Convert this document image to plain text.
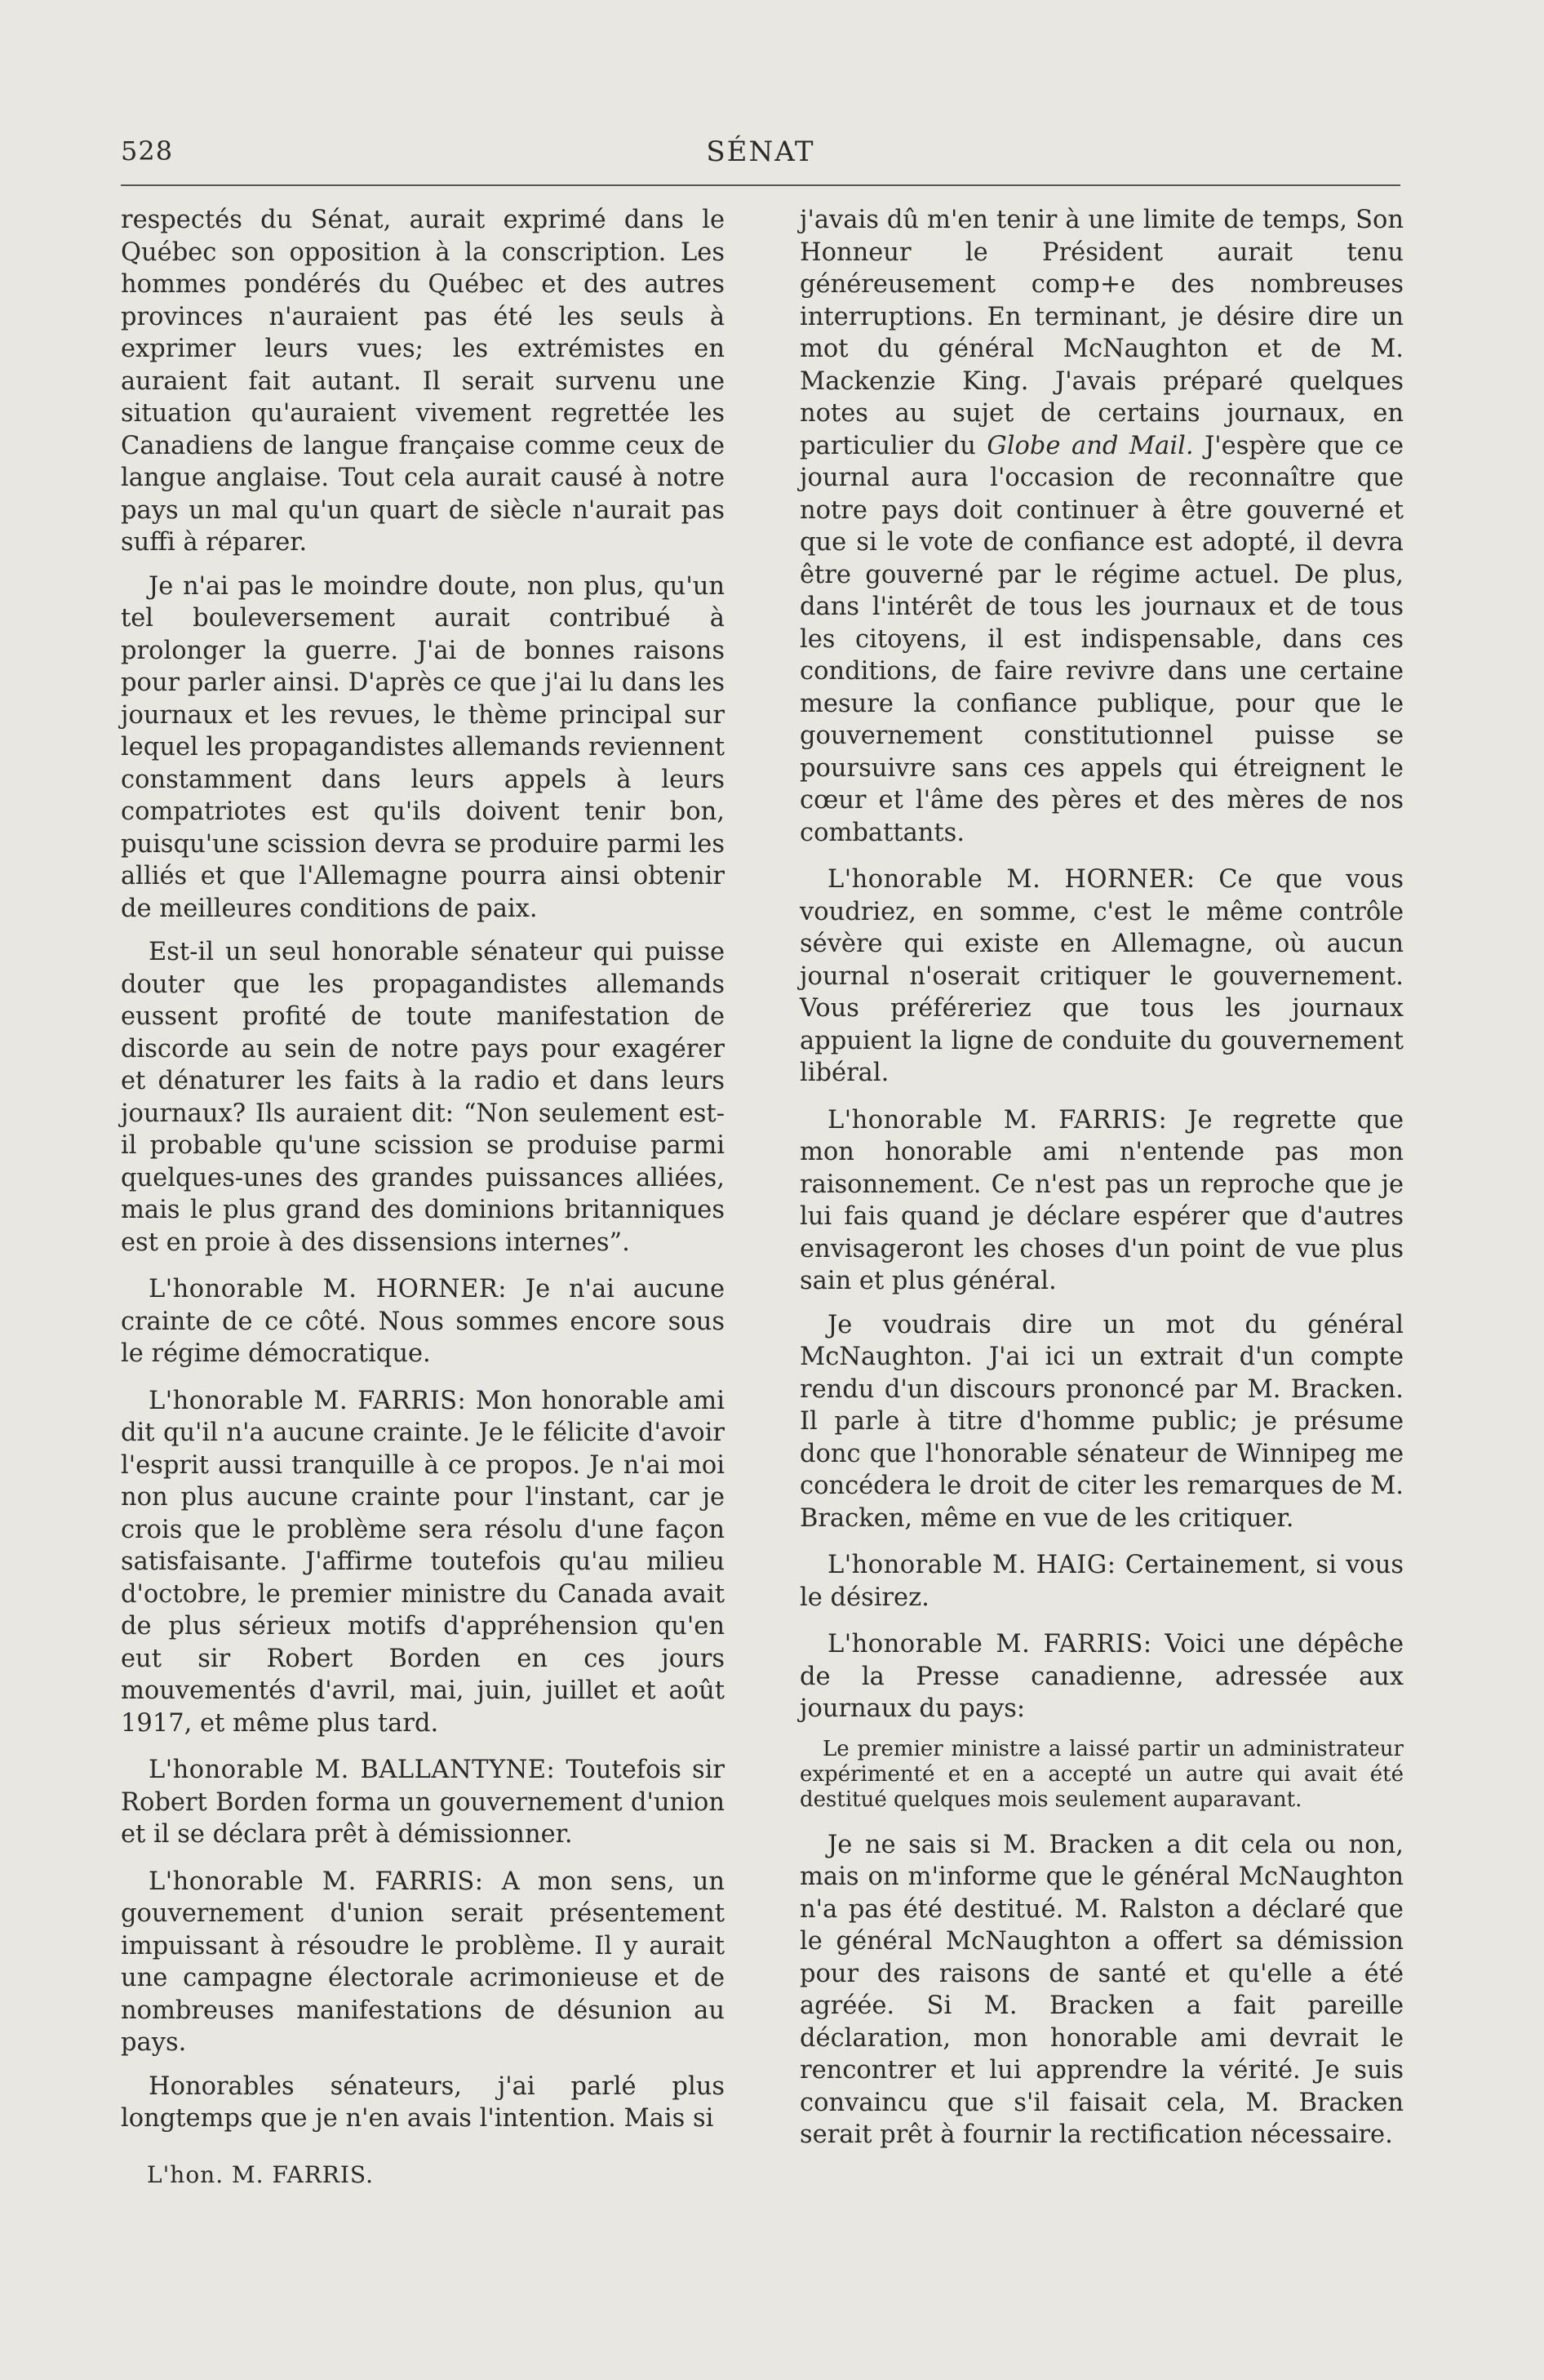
528	SÉNAT

respectés du Sénat, aurait exprimé dans le Québec son opposition à la conscription. Les hommes pondérés du Québec et des autres provinces n'auraient pas été les seuls à exprimer leurs vues; les extrémistes en auraient fait autant. Il serait survenu une situation qu'auraient vivement regrettée les Canadiens de langue française comme ceux de langue anglaise. Tout cela aurait causé à notre pays un mal qu'un quart de siècle n'aurait pas suffi à réparer.

Je n'ai pas le moindre doute, non plus, qu'un tel bouleversement aurait contribué à prolonger la guerre. J'ai de bonnes raisons pour parler ainsi. D'après ce que j'ai lu dans les journaux et les revues, le thème principal sur lequel les propagandistes allemands reviennent constamment dans leurs appels à leurs compatriotes est qu'ils doivent tenir bon, puisqu'une scission devra se produire parmi les alliés et que l'Allemagne pourra ainsi obtenir de meilleures conditions de paix.

Est-il un seul honorable sénateur qui puisse douter que les propagandistes allemands eussent profité de toute manifestation de discorde au sein de notre pays pour exagérer et dénaturer les faits à la radio et dans leurs journaux? Ils auraient dit: “Non seulement est-il probable qu'une scission se produise parmi quelques-unes des grandes puissances alliées, mais le plus grand des dominions britanniques est en proie à des dissensions internes”.

L'honorable M. HORNER: Je n'ai aucune crainte de ce côté. Nous sommes encore sous le régime démocratique.

L'honorable M. FARRIS: Mon honorable ami dit qu'il n'a aucune crainte. Je le félicite d'avoir l'esprit aussi tranquille à ce propos. Je n'ai moi non plus aucune crainte pour l'instant, car je crois que le problème sera résolu d'une façon satisfaisante. J'affirme toutefois qu'au milieu d'octobre, le premier ministre du Canada avait de plus sérieux motifs d'appréhension qu'en eut sir Robert Borden en ces jours mouvementés d'avril, mai, juin, juillet et août 1917, et même plus tard.

L'honorable M. BALLANTYNE: Toutefois sir Robert Borden forma un gouvernement d'union et il se déclara prêt à démissionner.

L'honorable M. FARRIS: A mon sens, un gouvernement d'union serait présentement impuissant à résoudre le problème. Il y aurait une campagne électorale acrimonieuse et de nombreuses manifestations de désunion au pays.

Honorables sénateurs, j'ai parlé plus longtemps que je n'en avais l'intention. Mais si

j'avais dû m'en tenir à une limite de temps, Son Honneur le Président aurait tenu généreusement comp+e des nombreuses interruptions. En terminant, je désire dire un mot du général McNaughton et de M. Mackenzie King. J'avais préparé quelques notes au sujet de certains journaux, en particulier du Globe and Mail. J'espère que ce journal aura l'occasion de reconnaître que notre pays doit continuer à être gouverné et que si le vote de confiance est adopté, il devra être gouverné par le régime actuel. De plus, dans l'intérêt de tous les journaux et de tous les citoyens, il est indispensable, dans ces conditions, de faire revivre dans une certaine mesure la confiance publique, pour que le gouvernement constitutionnel puisse se poursuivre sans ces appels qui étreignent le cœur et l'âme des pères et des mères de nos combattants.

L'honorable M. HORNER: Ce que vous voudriez, en somme, c'est le même contrôle sévère qui existe en Allemagne, où aucun journal n'oserait critiquer le gouvernement. Vous préféreriez que tous les journaux appuient la ligne de conduite du gouvernement libéral.

L'honorable M. FARRIS: Je regrette que mon honorable ami n'entende pas mon raisonnement. Ce n'est pas un reproche que je lui fais quand je déclare espérer que d'autres envisageront les choses d'un point de vue plus sain et plus général.

Je voudrais dire un mot du général McNaughton. J'ai ici un extrait d'un compte rendu d'un discours prononcé par M. Bracken. Il parle à titre d'homme public; je présume donc que l'honorable sénateur de Winnipeg me concédera le droit de citer les remarques de M. Bracken, même en vue de les critiquer.

L'honorable M. HAIG: Certainement, si vous le désirez.

L'honorable M. FARRIS: Voici une dépêche de la Presse canadienne, adressée aux journaux du pays:

Le premier ministre a laissé partir un administrateur expérimenté et en a accepté un autre qui avait été destitué quelques mois seulement auparavant.

Je ne sais si M. Bracken a dit cela ou non, mais on m'informe que le général McNaughton n'a pas été destitué. M. Ralston a déclaré que le général McNaughton a offert sa démission pour des raisons de santé et qu'elle a été agréée. Si M. Bracken a fait pareille déclaration, mon honorable ami devrait le rencontrer et lui apprendre la vérité. Je suis convaincu que s'il faisait cela, M. Bracken serait prêt à fournir la rectification nécessaire.

L'hon. M. FARRIS.
